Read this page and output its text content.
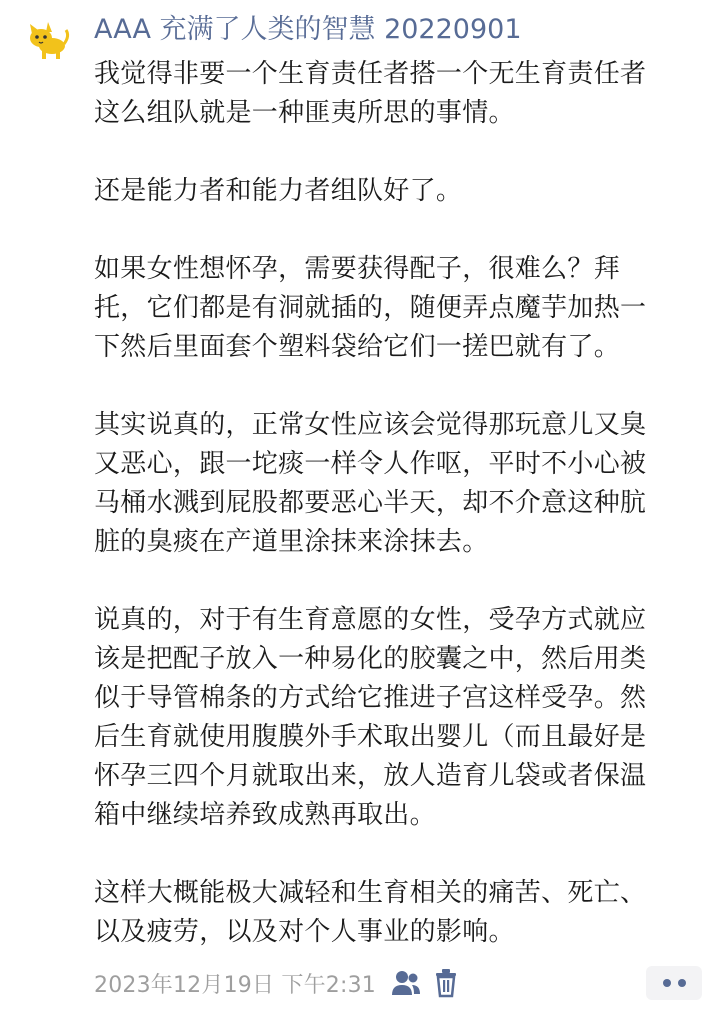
AAA 充满了人类的智慧 20220901
我觉得非要一个生育责任者搭一个无生育责任者
这么组队就是一种匪夷所思的事情。
还是能力者和能力者组队好了。
如果女性想怀孕，需要获得配子，很难么？拜
托，它们都是有洞就插的，随便弄点魔芋加热一
下然后里面套个塑料袋给它们一搓巴就有了。
其实说真的，正常女性应该会觉得那玩意儿又臭
又恶心，跟一坨痰一样令人作呕，平时不小心被
马桶水溅到屁股都要恶心半天，却不介意这种肮
脏的臭痰在产道里涂抹来涂抹去。
说真的，对于有生育意愿的女性，受孕方式就应
该是把配子放入一种易化的胶囊之中，然后用类
似于导管棉条的方式给它推进子宫这样受孕。然
后生育就使用腹膜外手术取出婴儿（而且最好是
怀孕三四个月就取出来，放人造育儿袋或者保温
箱中继续培养致成熟再取出。
这样大概能极大减轻和生育相关的痛苦、死亡、
以及疲劳，以及对个人事业的影响。
2023年12月19日 下午2:31
